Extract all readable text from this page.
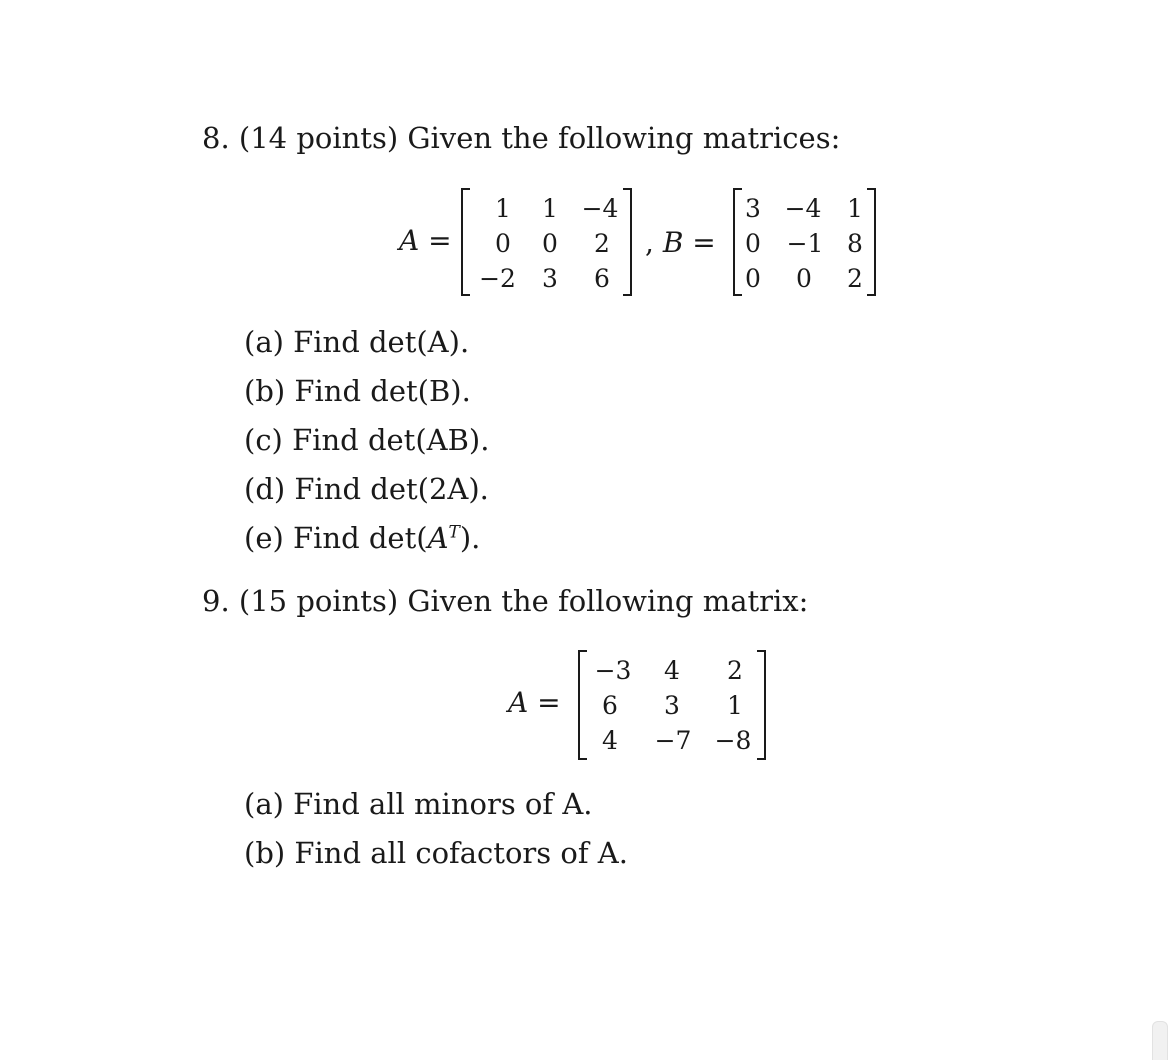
8. (14 points) Given the following matrices:
A =
1	1 −4
0	0 2
−2 3 6
, B =
3 −4 1
0 −1 8
0 0 2
(a) Find det(A).
(b) Find det(B).
(c) Find det(AB).
(d) Find det(2A).
(e) Find $\det(A^T)$.
9. (15 points) Given the following matrix:
A =
−3 4 2
6 3 1
4 −7 −8
(a) Find all minors of A.
(b) Find all cofactors of A.
